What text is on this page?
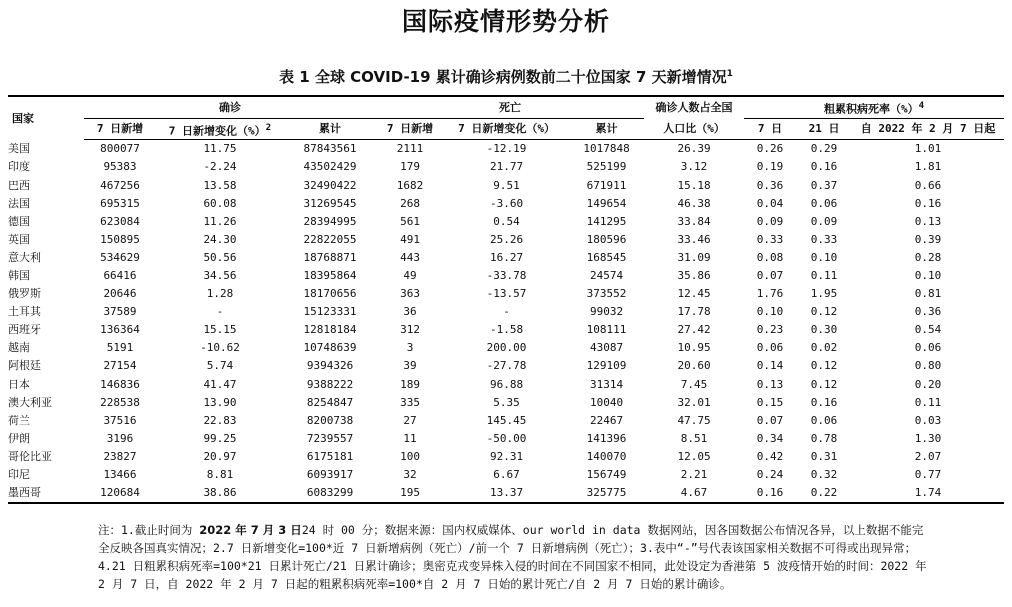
国际疫情形势分析
表 1 全球 COVID-19 累计确诊病例数前二十位国家 7 天新增情况$^1$
国家	确诊			死亡			确诊人数占全国	粗累积病死率（%）$^4$
	7 日新增	7 日新增变化（%）$^2$	累计	7 日新增	7 日新增变化（%）	累计	人口比（%）	7 日	21 日	自 2022 年 2 月 7 日起
美国	800077	11.75	87843561	2111	-12.19	1017848	26.39	0.26	0.29	1.01
印度	95383	-2.24	43502429	179	21.77	525199	3.12	0.19	0.16	1.81
巴西	467256	13.58	32490422	1682	9.51	671911	15.18	0.36	0.37	0.66
法国	695315	60.08	31269545	268	-3.60	149654	46.38	0.04	0.06	0.16
德国	623084	11.26	28394995	561	0.54	141295	33.84	0.09	0.09	0.13
英国	150895	24.30	22822055	491	25.26	180596	33.46	0.33	0.33	0.39
意大利	534629	50.56	18768871	443	16.27	168545	31.09	0.08	0.10	0.28
韩国	66416	34.56	18395864	49	-33.78	24574	35.86	0.07	0.11	0.10
俄罗斯	20646	1.28	18170656	363	-13.57	373552	12.45	1.76	1.95	0.81
土耳其	37589	-	15123331	36	-	99032	17.78	0.10	0.12	0.36
西班牙	136364	15.15	12818184	312	-1.58	108111	27.42	0.23	0.30	0.54
越南	5191	-10.62	10748639	3	200.00	43087	10.95	0.06	0.02	0.06
阿根廷	27154	5.74	9394326	39	-27.78	129109	20.60	0.14	0.12	0.80
日本	146836	41.47	9388222	189	96.88	31314	7.45	0.13	0.12	0.20
澳大利亚	228538	13.90	8254847	335	5.35	10040	32.01	0.15	0.16	0.11
荷兰	37516	22.83	8200738	27	145.45	22467	47.75	0.07	0.06	0.03
伊朗	3196	99.25	7239557	11	-50.00	141396	8.51	0.34	0.78	1.30
哥伦比亚	23827	20.97	6175181	100	92.31	140070	12.05	0.42	0.31	2.07
印尼	13466	8.81	6093917	32	6.67	156749	2.21	0.24	0.32	0.77
墨西哥	120684	38.86	6083299	195	13.37	325775	4.67	0.16	0.22	1.74
注：1.截止时间为 2022 年 7 月 3 日24 时 00 分；数据来源：国内权威媒体、our world in data 数据网站，因各国数据公布情况各异，以上数据不能完全反映各国真实情况；2.7 日新增变化=100*近 7 日新增病例（死亡）/前一个 7 日新增病例（死亡）；3.表中“-”号代表该国家相关数据不可得或出现异常；4.21 日粗累积病死率=100*21 日累计死亡/21 日累计确诊；奥密克戎变异株入侵的时间在不同国家不相同，此处设定为香港第 5 波疫情开始的时间：2022 年 2 月 7 日，自 2022 年 2 月 7 日起的粗累积病死率=100*自 2 月 7 日始的累计死亡/自 2 月 7 日始的累计确诊。
